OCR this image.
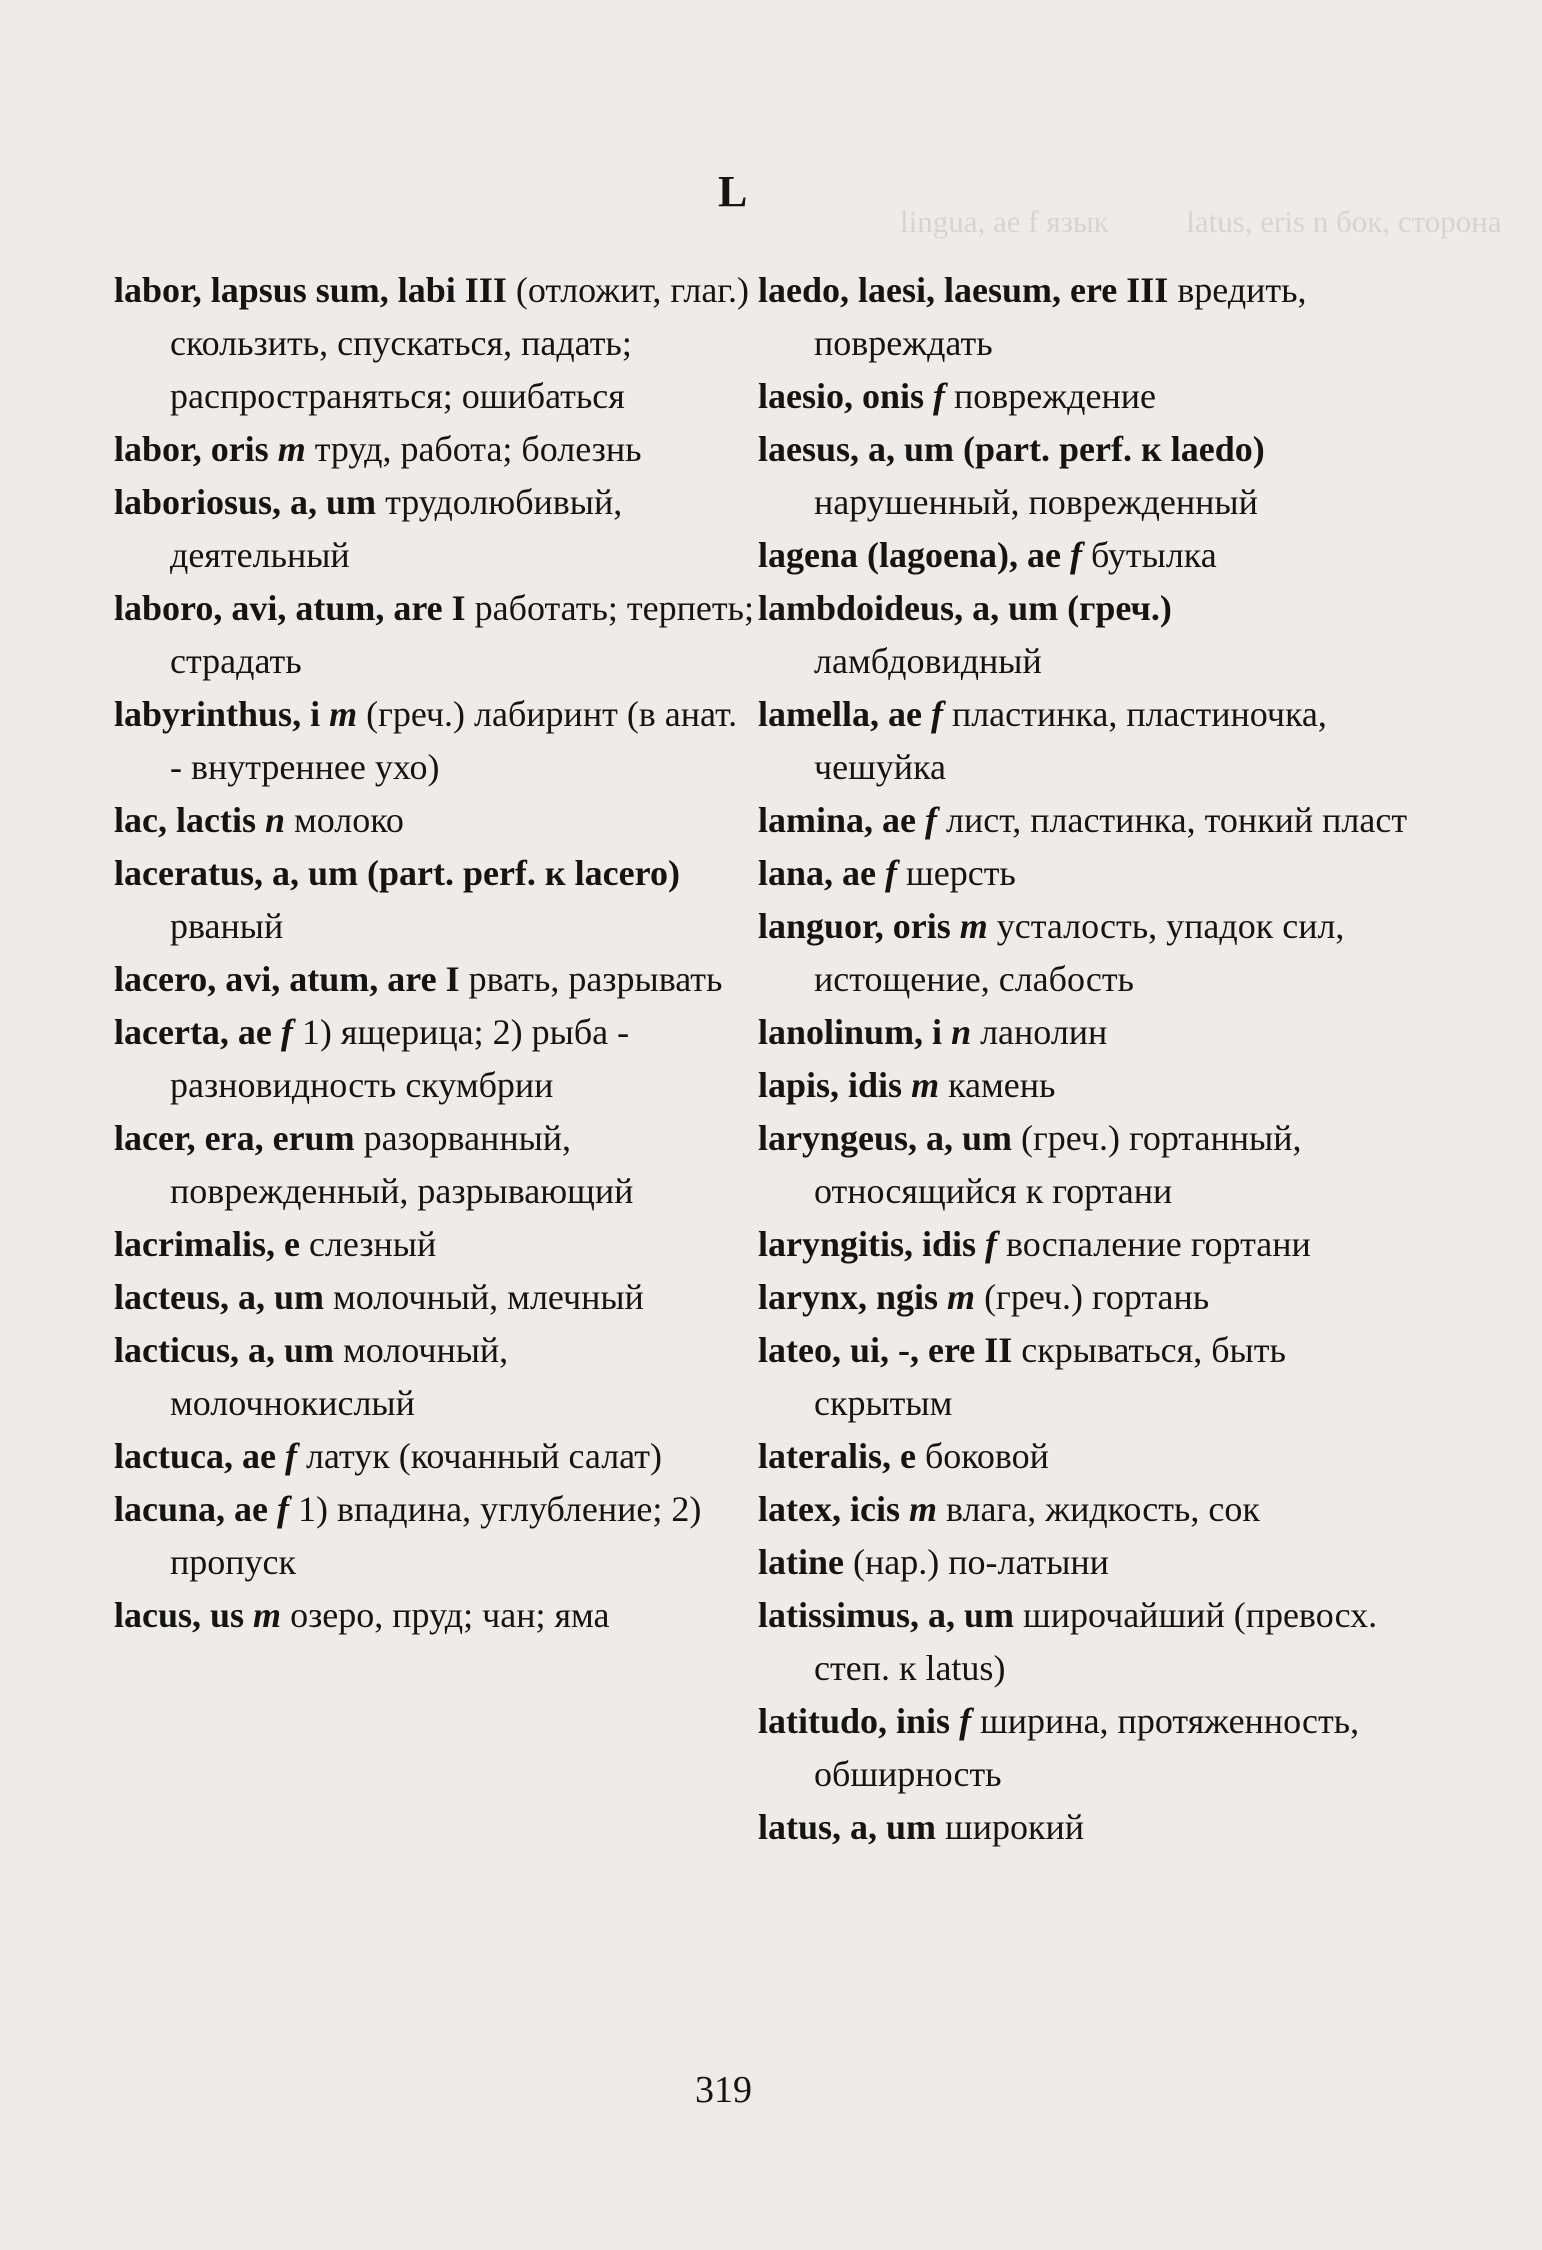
lingua, ae f язык          latus, eris n бок, сторона
L

labor, lapsus sum, labi III (отложит, глаг.) скользить, спускаться, падать; распространяться; ошибаться

labor, oris m труд, работа; болезнь

laboriosus, a, um трудолюбивый, деятельный

laboro, avi, atum, are I работать; терпеть; страдать

labyrinthus, i m (греч.) лабиринт (в анат. - внутреннее ухо)

lac, lactis n молоко

laceratus, a, um (part. perf. к lacero) рваный

lacero, avi, atum, are I рвать, разрывать

lacerta, ae f 1) ящерица; 2) рыба - разновидность скумбрии

lacer, era, erum разорванный, поврежденный, разрывающий

lacrimalis, e слезный

lacteus, a, um молочный, млечный

lacticus, a, um молочный, молочнокислый

lactuca, ae f латук (кочанный салат)

lacuna, ae f 1) впадина, углубление; 2) пропуск

lacus, us m озеро, пруд; чан; яма

laedo, laesi, laesum, ere III вредить, повреждать

laesio, onis f повреждение

laesus, a, um (part. perf. к laedo) нарушенный, поврежденный

lagena (lagoena), ae f бутылка

lambdoideus, a, um (греч.) ламбдовидный

lamella, ae f пластинка, пластиночка, чешуйка

lamina, ae f лист, пластинка, тонкий пласт

lana, ae f шерсть

languor, oris m усталость, упадок сил, истощение, слабость

lanolinum, i n ланолин

lapis, idis m камень

laryngeus, a, um (греч.) гортанный, относящийся к гортани

laryngitis, idis f воспаление гортани

larynx, ngis m (греч.) гортань

lateo, ui, -, ere II скрываться, быть скрытым

lateralis, e боковой

latex, icis m влага, жидкость, сок

latine (нар.) по-латыни

latissimus, a, um широчайший (превосх. степ. к latus)

latitudo, inis f ширина, протяженность, обширность

latus, a, um широкий

319
